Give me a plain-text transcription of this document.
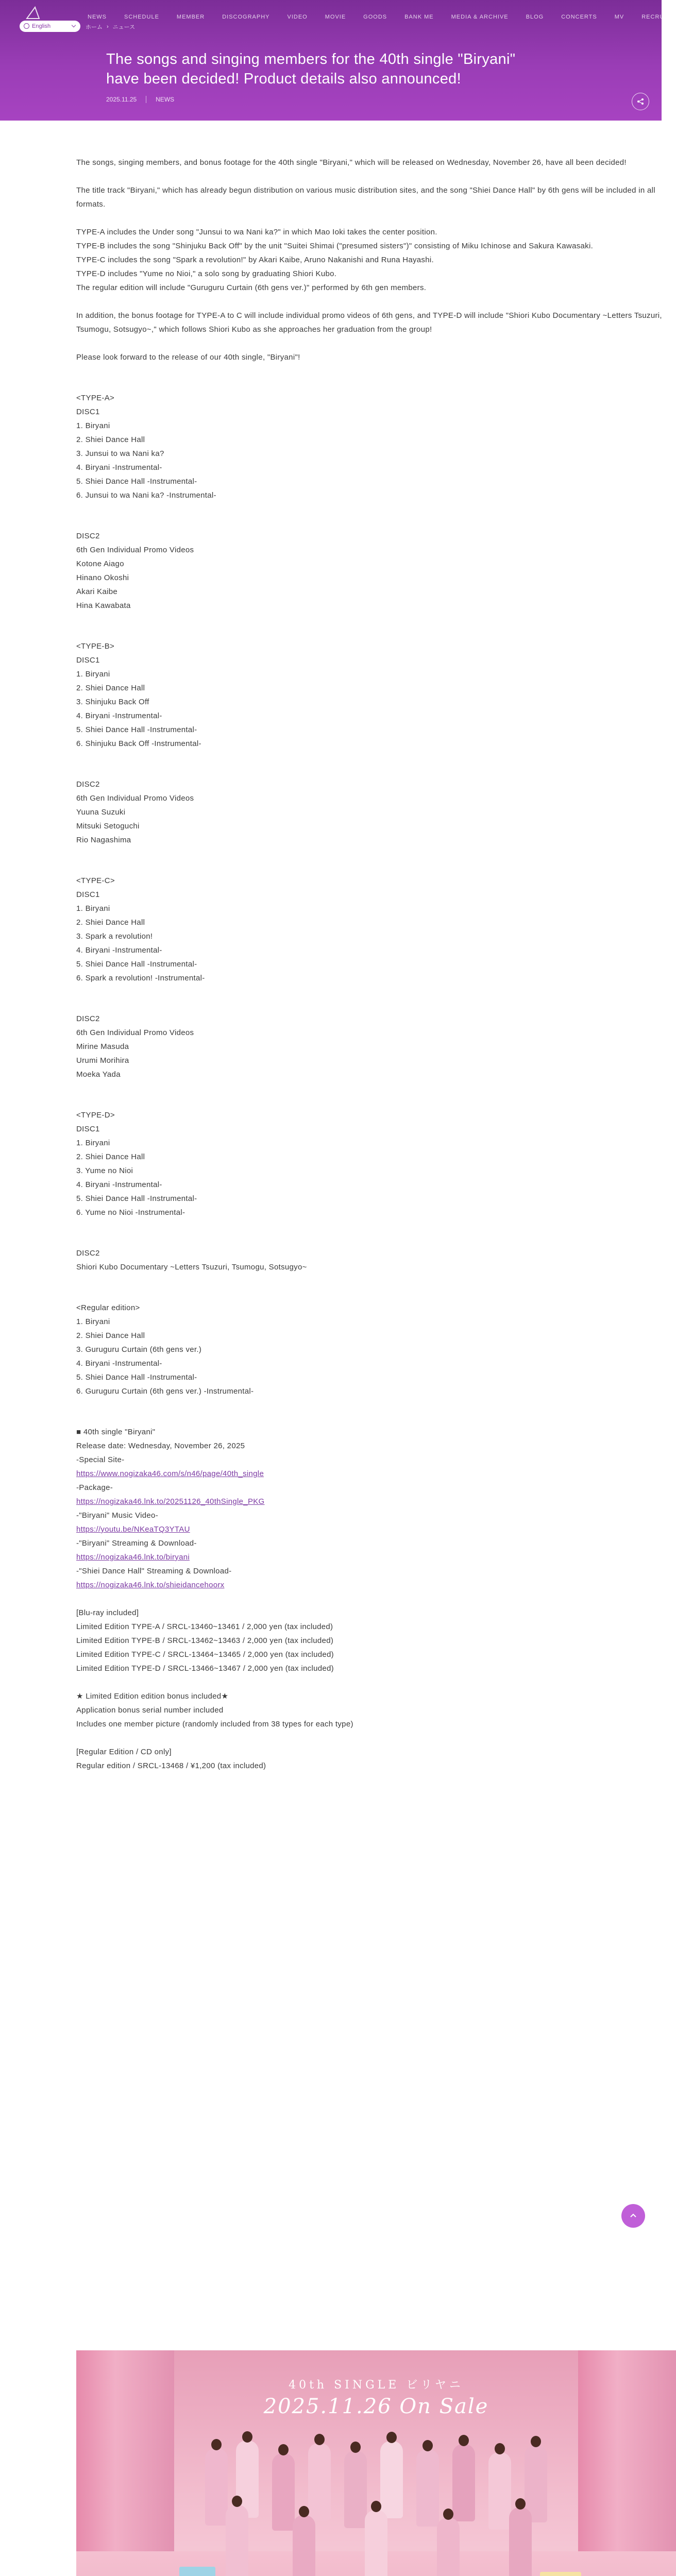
NEWS	SCHEDULE	MEMBER	DISCOGRAPHY	VIDEO	MOVIE	GOODS	BANK ME	MEDIA & ARCHIVE	BLOG	CONCERTS	MV	RECRUIT
English	ホーム › ニュース
The songs and singing members for the 40th single "Biryani" have been decided! Product details also announced!
2025.11.25	NEWS

The songs, singing members, and bonus footage for the 40th single "Biryani," which will be released on Wednesday, November 26, have all been decided!

The title track "Biryani," which has already begun distribution on various music distribution sites, and the song "Shiei Dance Hall" by 6th gens will be included in all formats.

TYPE-A includes the Under song "Junsui to wa Nani ka?" in which Mao Ioki takes the center position.
TYPE-B includes the song "Shinjuku Back Off" by the unit "Suitei Shimai ("presumed sisters")" consisting of Miku Ichinose and Sakura Kawasaki.
TYPE-C includes the song "Spark a revolution!" by Akari Kaibe, Aruno Nakanishi and Runa Hayashi.
TYPE-D includes "Yume no Nioi," a solo song by graduating Shiori Kubo.
The regular edition will include "Guruguru Curtain (6th gens ver.)" performed by 6th gen members.

In addition, the bonus footage for TYPE-A to C will include individual promo videos of 6th gens, and TYPE-D will include "Shiori Kubo Documentary ~Letters Tsuzuri, Tsumogu, Sotsugyo~," which follows Shiori Kubo as she approaches her graduation from the group!

Please look forward to the release of our 40th single, "Biryani"!

<TYPE-A>
DISC1
1. Biryani
2. Shiei Dance Hall
3. Junsui to wa Nani ka?
4. Biryani -Instrumental-
5. Shiei Dance Hall -Instrumental-
6. Junsui to wa Nani ka? -Instrumental-

DISC2
6th Gen Individual Promo Videos
Kotone Aiago
Hinano Okoshi
Akari Kaibe
Hina Kawabata

<TYPE-B>
DISC1
1. Biryani
2. Shiei Dance Hall
3. Shinjuku Back Off
4. Biryani -Instrumental-
5. Shiei Dance Hall -Instrumental-
6. Shinjuku Back Off -Instrumental-

DISC2
6th Gen Individual Promo Videos
Yuuna Suzuki
Mitsuki Setoguchi
Rio Nagashima

<TYPE-C>
DISC1
1. Biryani
2. Shiei Dance Hall
3. Spark a revolution!
4. Biryani -Instrumental-
5. Shiei Dance Hall -Instrumental-
6. Spark a revolution! -Instrumental-

DISC2
6th Gen Individual Promo Videos
Mirine Masuda
Urumi Morihira
Moeka Yada

<TYPE-D>
DISC1
1. Biryani
2. Shiei Dance Hall
3. Yume no Nioi
4. Biryani -Instrumental-
5. Shiei Dance Hall -Instrumental-
6. Yume no Nioi -Instrumental-

DISC2
Shiori Kubo Documentary ~Letters Tsuzuri, Tsumogu, Sotsugyo~

<Regular edition>
1. Biryani
2. Shiei Dance Hall
3. Guruguru Curtain (6th gens ver.)
4. Biryani -Instrumental-
5. Shiei Dance Hall -Instrumental-
6. Guruguru Curtain (6th gens ver.) -Instrumental-

■ 40th single "Biryani"

Release date: Wednesday, November 26, 2025

-Special Site-

https://www.nogizaka46.com/s/n46/page/40th_single

-Package-

https://nogizaka46.lnk.to/20251126_40thSingle_PKG

-"Biryani" Music Video-

https://youtu.be/NKeaTQ3YTAU

-"Biryani" Streaming & Download-

https://nogizaka46.lnk.to/biryani

-"Shiei Dance Hall" Streaming & Download-

https://nogizaka46.lnk.to/shieidancehoorx

[Blu-ray included]
Limited Edition TYPE-A / SRCL-13460~13461 / 2,000 yen (tax included)
Limited Edition TYPE-B / SRCL-13462~13463 / 2,000 yen (tax included)
Limited Edition TYPE-C / SRCL-13464~13465 / 2,000 yen (tax included)
Limited Edition TYPE-D / SRCL-13466~13467 / 2,000 yen (tax included)

★ Limited Edition edition bonus included★
Application bonus serial number included
Includes one member picture (randomly included from 38 types for each type)

[Regular Edition / CD only]
Regular edition / SRCL-13468 / ¥1,200 (tax included)

40th SINGLE ビリヤニ
2025.11.26 On Sale
